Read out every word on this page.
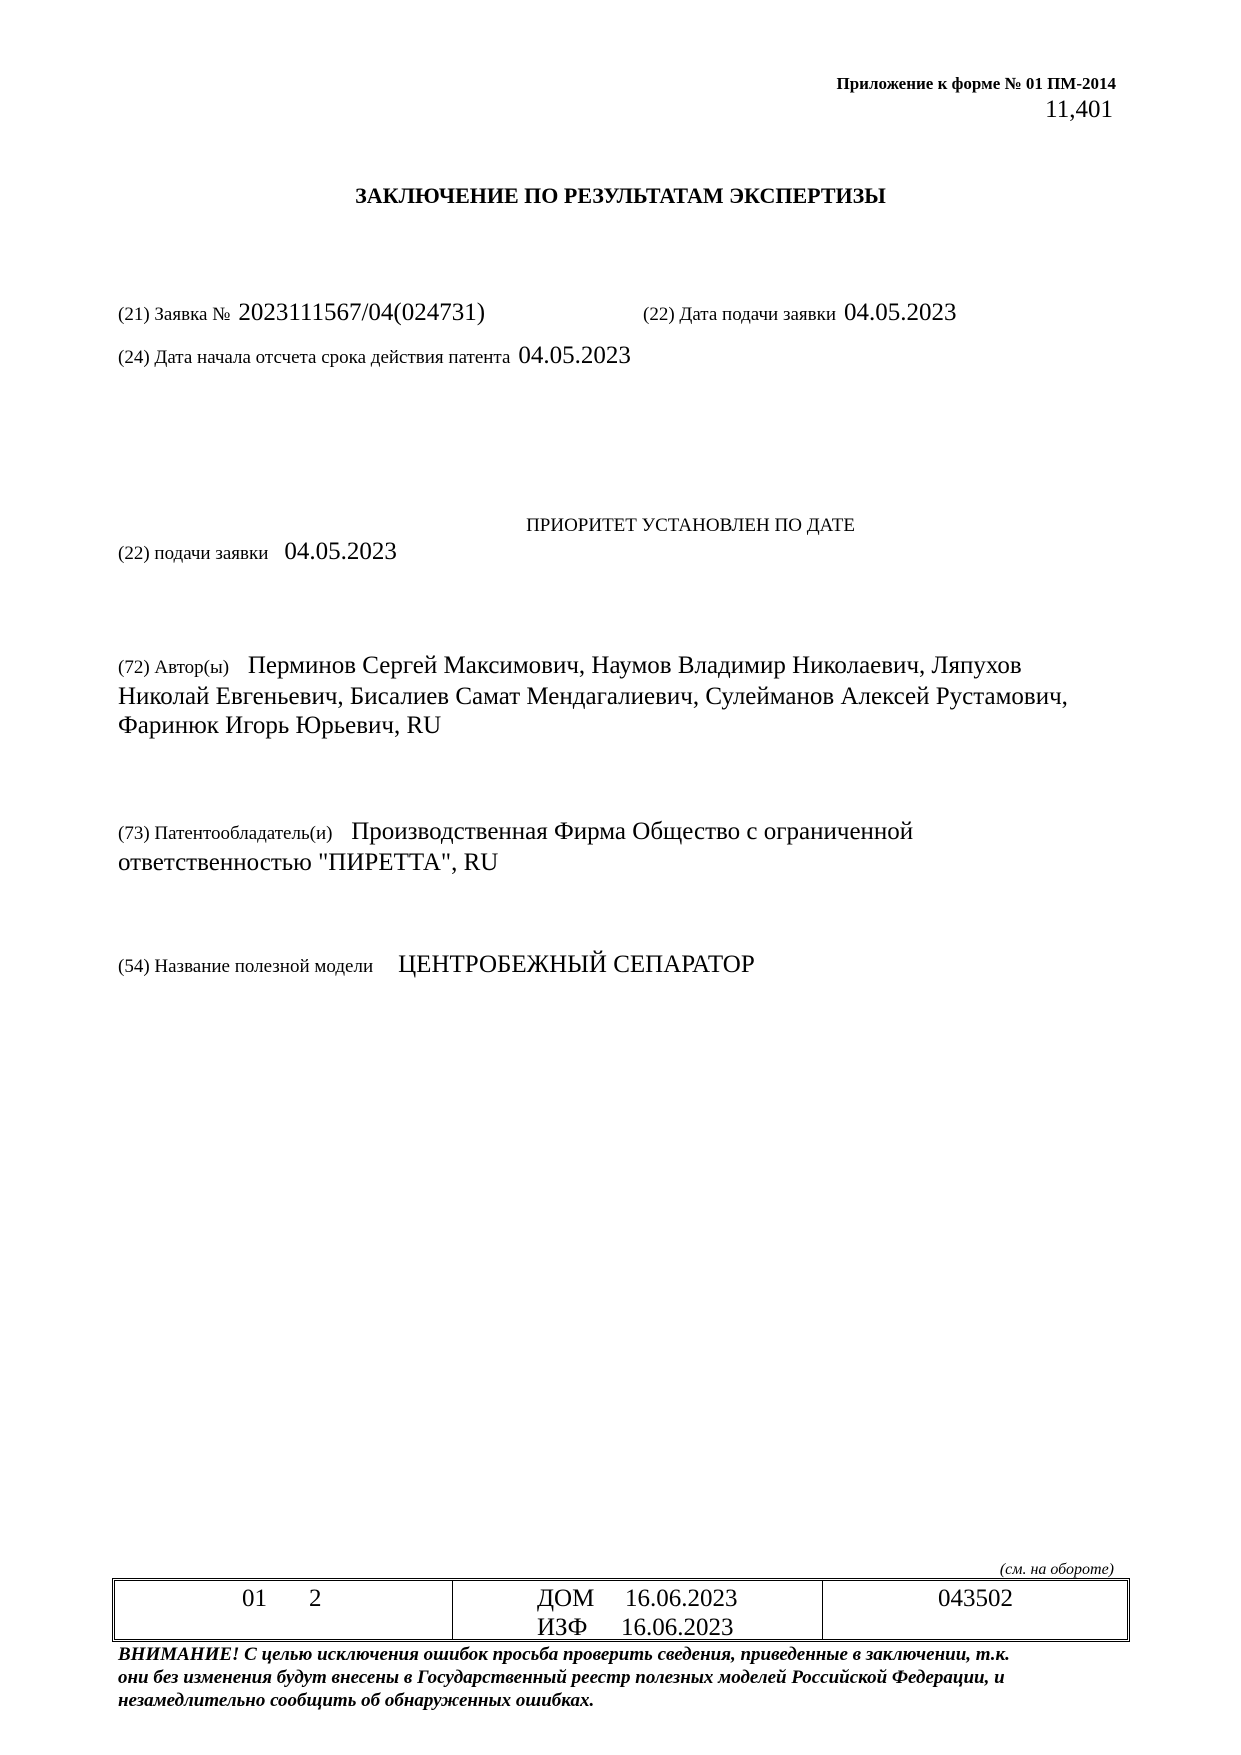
Приложение к форме № 01 ПМ-2014
11,401
ЗАКЛЮЧЕНИЕ ПО РЕЗУЛЬТАТАМ ЭКСПЕРТИЗЫ
(21) Заявка № 2023111567/04(024731)	(22) Дата подачи заявки 04.05.2023
(24) Дата начала отсчета срока действия патента 04.05.2023
ПРИОРИТЕТ УСТАНОВЛЕН ПО ДАТЕ
(22) подачи заявки 04.05.2023
(72) Автор(ы) Перминов Сергей Максимович, Наумов Владимир Николаевич, Ляпухов
Николай Евгеньевич, Бисалиев Самат Мендагалиевич, Сулейманов Алексей Рустамович,
Фаринюк Игорь Юрьевич, RU
(73) Патентообладатель(и) Производственная Фирма Общество с ограниченной
ответственностью "ПИРЕТТА", RU
(54) Название полезной модели ЦЕНТРОБЕЖНЫЙ СЕПАРАТОР
(см. на обороте)
01 2	ДОМ 16.06.2023
ИЗФ 16.06.2023
043502
ВНИМАНИЕ! С целью исключения ошибок просьба проверить сведения, приведенные в заключении, т.к.
они без изменения будут внесены в Государственный реестр полезных моделей Российской Федерации, и
незамедлительно сообщить об обнаруженных ошибках.
